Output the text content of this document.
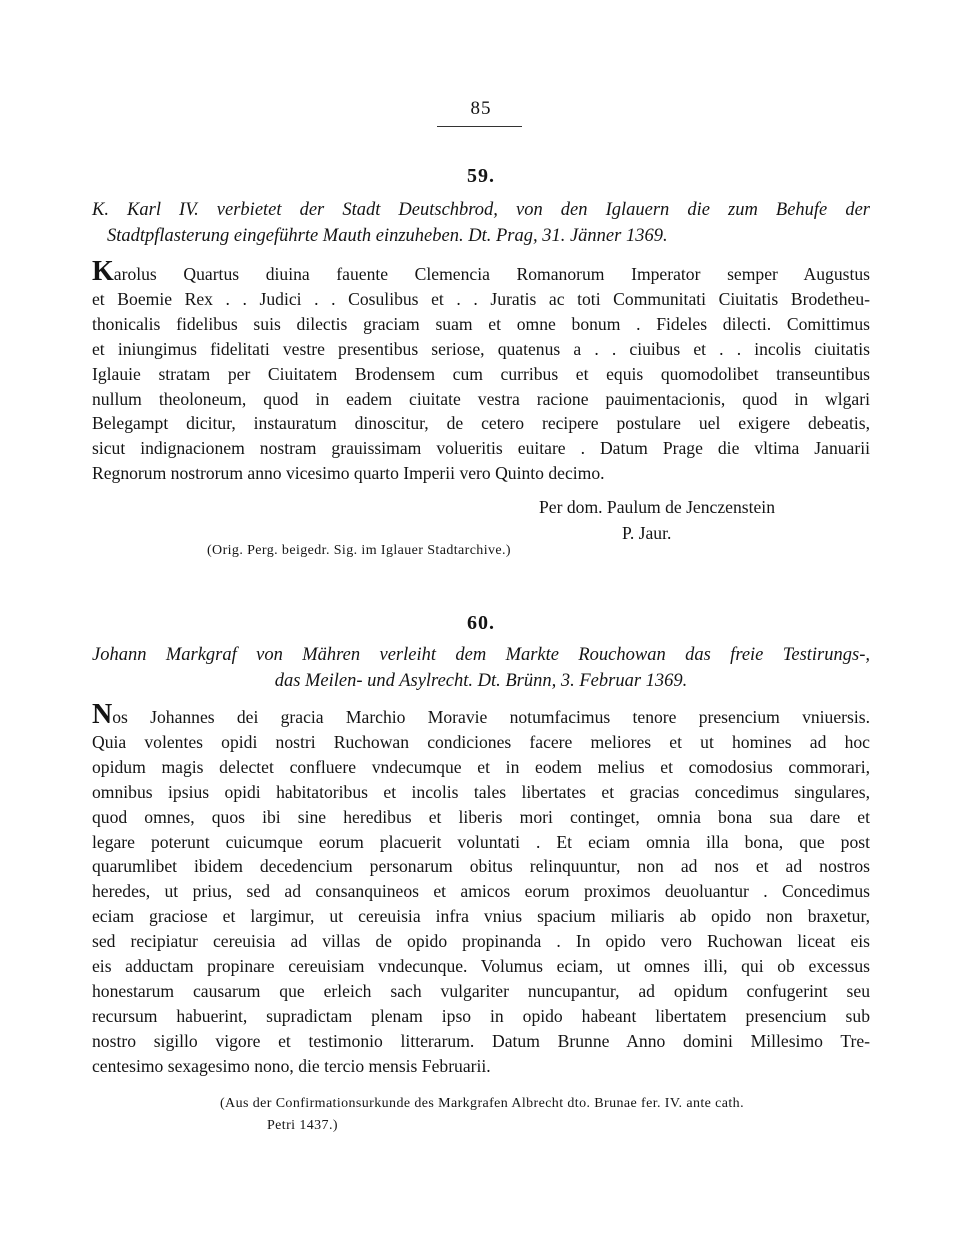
85
59.
K. Karl IV. verbietet der Stadt Deutschbrod, von den Iglauern die zum Behufe der
Stadtpflasterung eingeführte Mauth einzuheben. Dt. Prag, 31. Jänner 1369.
Karolus Quartus diuina fauente Clemencia Romanorum Imperator semper Augustus
et Boemie Rex . . Judici . . Cosulibus et . . Juratis ac toti Communitati Ciuitatis Brodetheu-
thonicalis fidelibus suis dilectis graciam suam et omne bonum . Fideles dilecti. Comittimus
et iniungimus fidelitati vestre presentibus seriose, quatenus a . . ciuibus et . . incolis ciuitatis
Iglauie stratam per Ciuitatem Brodensem cum curribus et equis quomodolibet transeuntibus
nullum theoloneum, quod in eadem ciuitate vestra racione pauimentacionis, quod in wlgari
Belegampt dicitur, instauratum dinoscitur, de cetero recipere postulare uel exigere debeatis,
sicut indignacionem nostram grauissimam volueritis euitare . Datum Prage die vltima Januarii
Regnorum nostrorum anno vicesimo quarto Imperii vero Quinto decimo.
Per dom. Paulum de Jenczenstein
P. Jaur.
(Orig. Perg. beigedr. Sig. im Iglauer Stadtarchive.)
60.
Johann Markgraf von Mähren verleiht dem Markte Rouchowan das freie Testirungs-,
das Meilen- und Asylrecht. Dt. Brünn, 3. Februar 1369.
Nos Johannes dei gracia Marchio Moravie notumfacimus tenore presencium vniuersis.
Quia volentes opidi nostri Ruchowan condiciones facere meliores et ut homines ad hoc
opidum magis delectet confluere vndecumque et in eodem melius et comodosius commorari,
omnibus ipsius opidi habitatoribus et incolis tales libertates et gracias concedimus singulares,
quod omnes, quos ibi sine heredibus et liberis mori continget, omnia bona sua dare et
legare poterunt cuicumque eorum placuerit voluntati . Et eciam omnia illa bona, que post
quarumlibet ibidem decedencium personarum obitus relinquuntur, non ad nos et ad nostros
heredes, ut prius, sed ad consanquineos et amicos eorum proximos deuoluantur . Concedimus
eciam graciose et largimur, ut cereuisia infra vnius spacium miliaris ab opido non braxetur,
sed recipiatur cereuisia ad villas de opido propinanda . In opido vero Ruchowan liceat eis
eis adductam propinare cereuisiam vndecunque. Volumus eciam, ut omnes illi, qui ob excessus
honestarum causarum que erleich sach vulgariter nuncupantur, ad opidum confugerint seu
recursum habuerint, supradictam plenam ipso in opido habeant libertatem presencium sub
nostro sigillo vigore et testimonio litterarum. Datum Brunne Anno domini Millesimo Tre-
centesimo sexagesimo nono, die tercio mensis Februarii.
(Aus der Confirmationsurkunde des Markgrafen Albrecht dto. Brunae fer. IV. ante cath.
Petri 1437.)
